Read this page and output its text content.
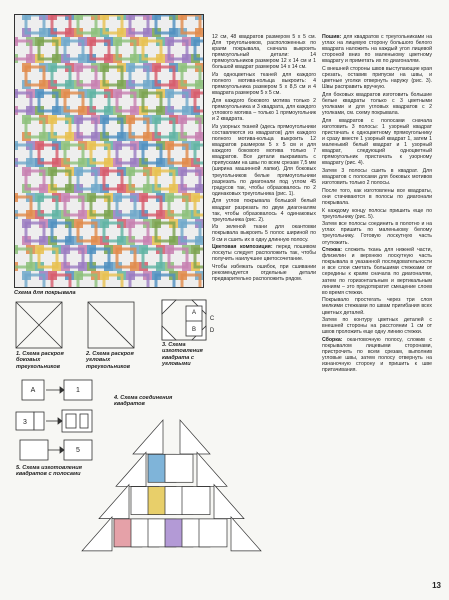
12 см, 48 квадратов размером 5 x 5 см. Для треугольников, расположенных по краям покрывала, сначала выкроить прямоугольный детали: 14 прямоугольников размером 12 x 14 см и 1 большой квадрат размером 14 x 14 см.

Из одноцветных тканей для каждого полного мотива-колыца выкроить: 4 прямоугольника размером 5 x 8,5 см и 4 квадрата размером 5 x 5 см.

Для каждого бокового мотива только 2 прямоугольника и 3 квадрата, для каждого углового мотива – только 1 прямоугольник и 2 квадрата.

Из узорных тканей (здесь прямоугольники составляются из квадратов) для каждого полного мотива-кольца выкроить 12 квадратов размером 5 x 5 см и для каждого бокового мотива только 7 квадратов. Все детали выкраивать с припусками на швы по всем срезам 7,5 мм (ширина машинной лапки). Для боковых треугольников белые прямоугольники разрезать по диагонали под углом 45 градусов так, чтобы образовалось по 2 одинаковых треугольника (рис. 1).

Для углов покрывала большой белый квадрат разрезать по двум диагоналям так, чтобы образовалось 4 одинаковых треугольника (рис. 2).

Из зеленой ткани для окантовки покрывала выкроить 5 полос шириной по 9 см и сшить их в одну длинную полосу.

Цветовая композиция: перед пошивом лоскуты следует расположить так, чтобы получить наилучшее цветосочетание.

Чтобы избежать ошибок, при сшивании рекомендуется отдельные детали предварительно расположить рядом.

Пошив: для квадратов с треугольниками на углах на лицевую сторону большого белого квадрата наложить на каждый угол лицевой стороной вниз по маленькому цветному квадрату и приметать их по диагоналям.

С внешней стороны швов выступающие края срезать, оставив припуски на швы, и цветные уголки отвернуть наружу (рис. 3). Швы расправить вручную.

Для боковых квадратов изготовить большие белые квадраты только с 3 цветными уголками и для угловых квадратов с 2 уголками, см. схему покрывала.

Для квадратов с полосами сначала изготовить 3 полосы: 1 узорный квадрат пристачать к одноцветному прямоугольнику и сразу вместе 1 узорный квадрат 1, затем 1 маленький белый квадрат и 1 узорный квадрат, следующий одноцветный прямоугольник пристачать к узорному квадрату (рис. 4).

Затем 3 полосы сшить в квадрат. Для квадратов с полосами для боковых мотивов изготовить только 2 полосы.

После того, как изготовлены все квадраты, они стачиваются в полосы по диагонали покрывала.

К каждому концу полосы пришить еще по треугольнику (рис. 5).

Затем все полосы соединить в полотно и на углах пришить по маленькому белому треугольнику. Готовую лоскутную часть отутюжить.

Стежка: сложить ткань для нижней части, флизелин и верхнюю лоскутную часть покрывала в указанной последовательности и все слои сметать большими стежками от середины к краям сначала по диагоналям, затем по горизонтальным и вертикальным линиям – это предотвратит смещение слоев во время стежки.

Покрывало простегать через три слоя мелкими стежками по швам пригибания всех цветных деталей.

Затем по контуру цветных деталей с внешней стороны на расстоянии 1 см от швов проложить еще одну линию стежки.

Сборка: окантовочную полосу, сложив с покрывалом лицевыми сторонами, пристрочить по всем срезам, выполнив угловые швы, затем полосу отвернуть на изнаночную сторону и пришить к шве притачивания.

Схема для покрывала
1. Схема раскроя боковых треугольников
2. Схема раскроя угловых треугольников
3. Схема изготовления квадрата с угловыми
4. Схема соединения квадратов
5. Схема изготовления квадратов с полосами
A
B
C
D
A	1
3
5
13
